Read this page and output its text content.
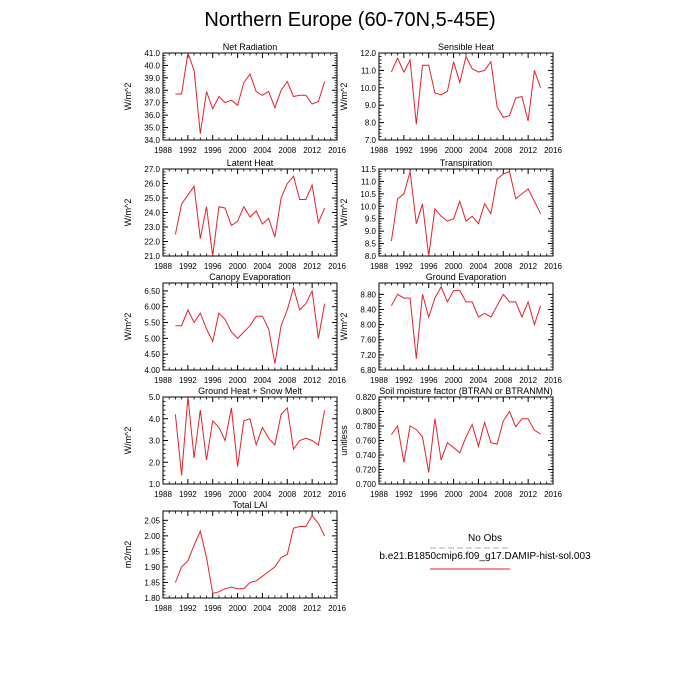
Northern Europe (60-70N,5-45E)
1988 1992 1996 2000 2004 2008 2012 2016
34.0
35.0
36.0
37.0
38.0
39.0
40.0
41.0
W/m^2
Net Radiation
1988 1992 1996 2000 2004 2008 2012 2016
7.0
8.0
9.0
10.0
11.0
12.0
W/m^2
Sensible Heat
1988 1992 1996 2000 2004 2008 2012 2016
21.0
22.0
23.0
24.0
25.0
26.0
27.0
W/m^2
Latent Heat
1988 1992 1996 2000 2004 2008 2012 2016
8.0
8.5
9.0
9.5
10.0
10.5
11.0
11.5
W/m^2
Transpiration
1988 1992 1996 2000 2004 2008 2012 2016
4.00
4.50
5.00
5.50
6.00
6.50
W/m^2
Canopy Evaporation
1988 1992 1996 2000 2004 2008 2012 2016
6.80
7.20
7.60
8.00
8.40
8.80
W/m^2
Ground Evaporation
1988 1992 1996 2000 2004 2008 2012 2016
1.0
2.0
3.0
4.0
5.0
W/m^2
Ground Heat + Snow Melt
1988 1992 1996 2000 2004 2008 2012 2016
0.700
0.720
0.740
0.760
0.780
0.800
0.820
unitless
Soil moisture factor (BTRAN or BTRANMN)
1988 1992 1996 2000 2004 2008 2012 2016
1.80
1.85
1.90
1.95
2.00
2.05
m2/m2
Total LAI
No Obs
b.e21.B1850cmip6.f09_g17.DAMIP-hist-sol.003
